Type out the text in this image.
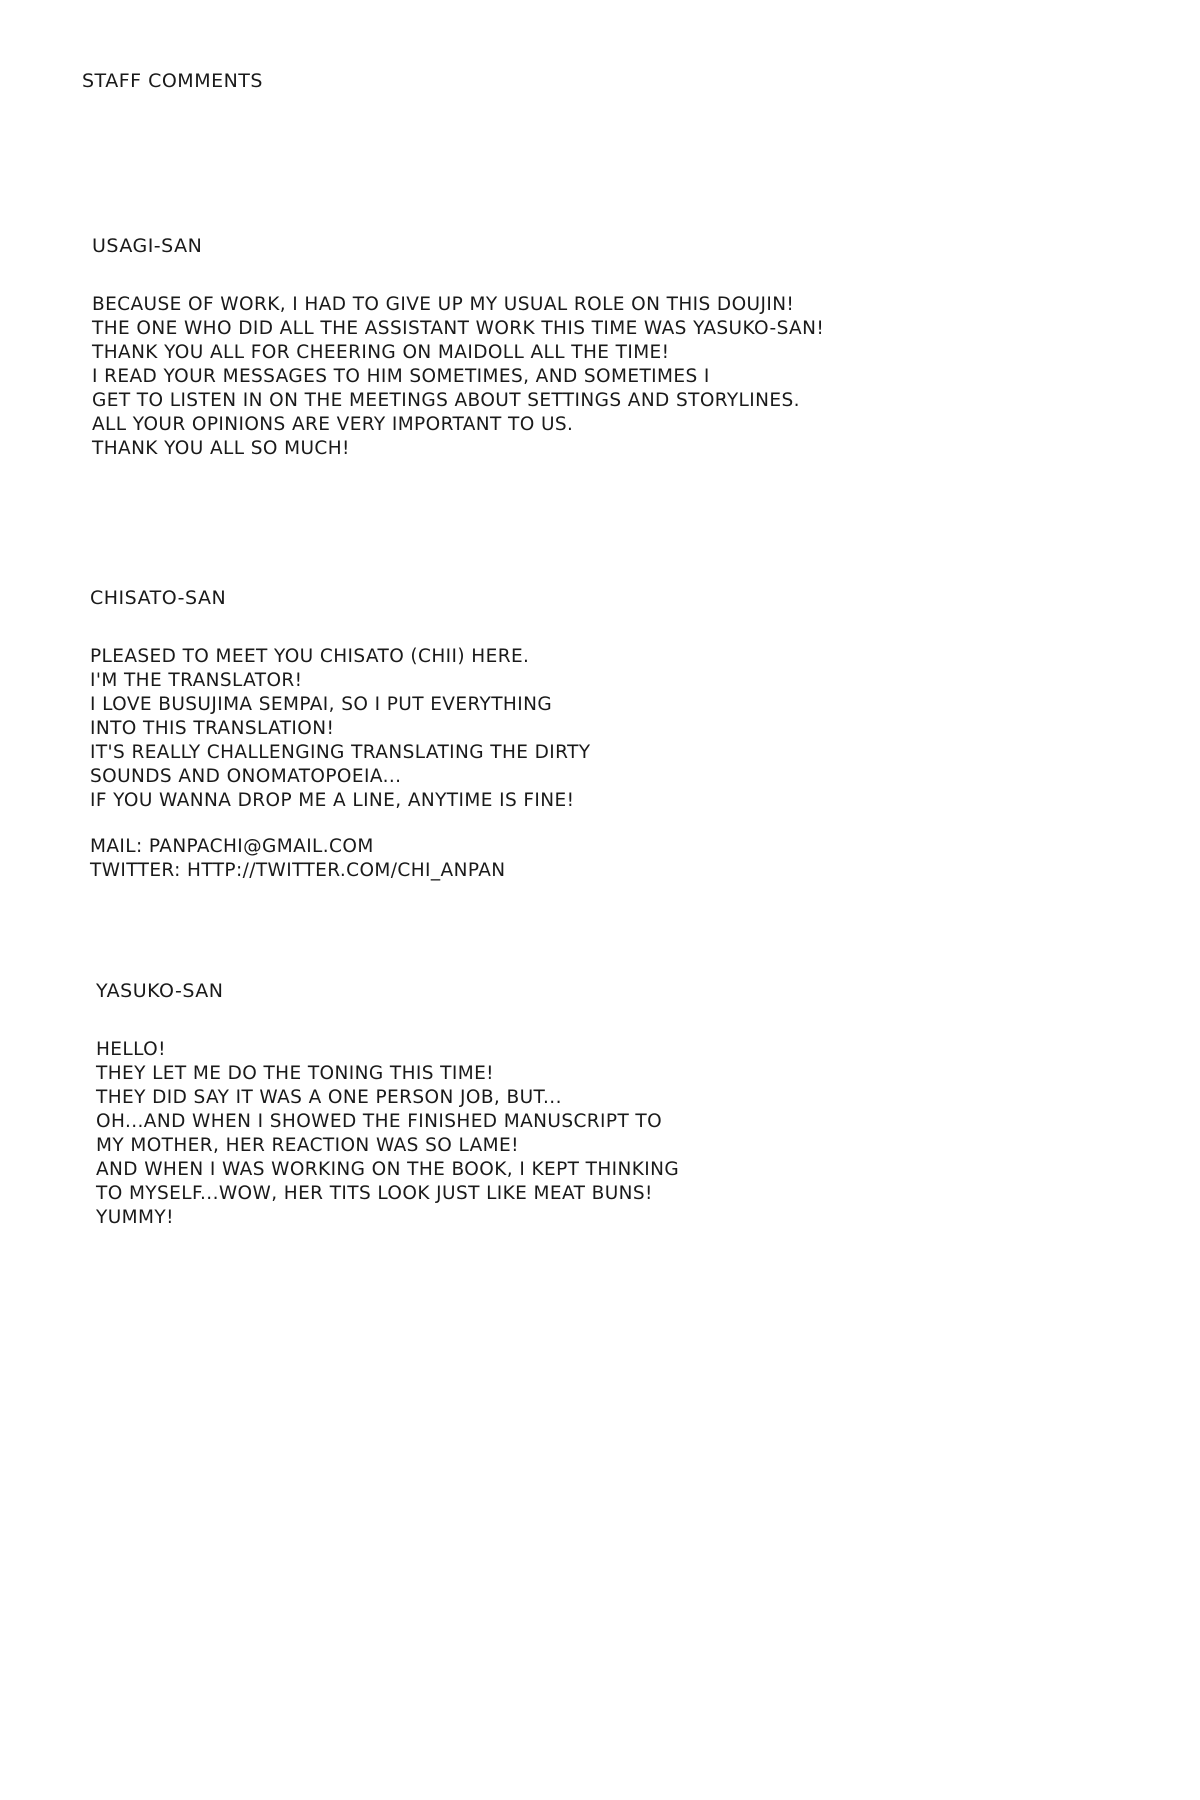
STAFF COMMENTS
USAGI-SAN
BECAUSE OF WORK, I HAD TO GIVE UP MY USUAL ROLE ON THIS DOUJIN!
THE ONE WHO DID ALL THE ASSISTANT WORK THIS TIME WAS YASUKO-SAN!
THANK YOU ALL FOR CHEERING ON MAIDOLL ALL THE TIME!
I READ YOUR MESSAGES TO HIM SOMETIMES, AND SOMETIMES I
GET TO LISTEN IN ON THE MEETINGS ABOUT SETTINGS AND STORYLINES.
ALL YOUR OPINIONS ARE VERY IMPORTANT TO US.
THANK YOU ALL SO MUCH!
CHISATO-SAN
PLEASED TO MEET YOU CHISATO (CHII) HERE.
I'M THE TRANSLATOR!
I LOVE BUSUJIMA SEMPAI, SO I PUT EVERYTHING
INTO THIS TRANSLATION!
IT'S REALLY CHALLENGING TRANSLATING THE DIRTY
SOUNDS AND ONOMATOPOEIA...
IF YOU WANNA DROP ME A LINE, ANYTIME IS FINE!
MAIL: PANPACHI@GMAIL.COM
TWITTER: HTTP://TWITTER.COM/CHI_ANPAN
YASUKO-SAN
HELLO!
THEY LET ME DO THE TONING THIS TIME!
THEY DID SAY IT WAS A ONE PERSON JOB, BUT...
OH...AND WHEN I SHOWED THE FINISHED MANUSCRIPT TO
MY MOTHER, HER REACTION WAS SO LAME!
AND WHEN I WAS WORKING ON THE BOOK, I KEPT THINKING
TO MYSELF...WOW, HER TITS LOOK JUST LIKE MEAT BUNS!
YUMMY!
